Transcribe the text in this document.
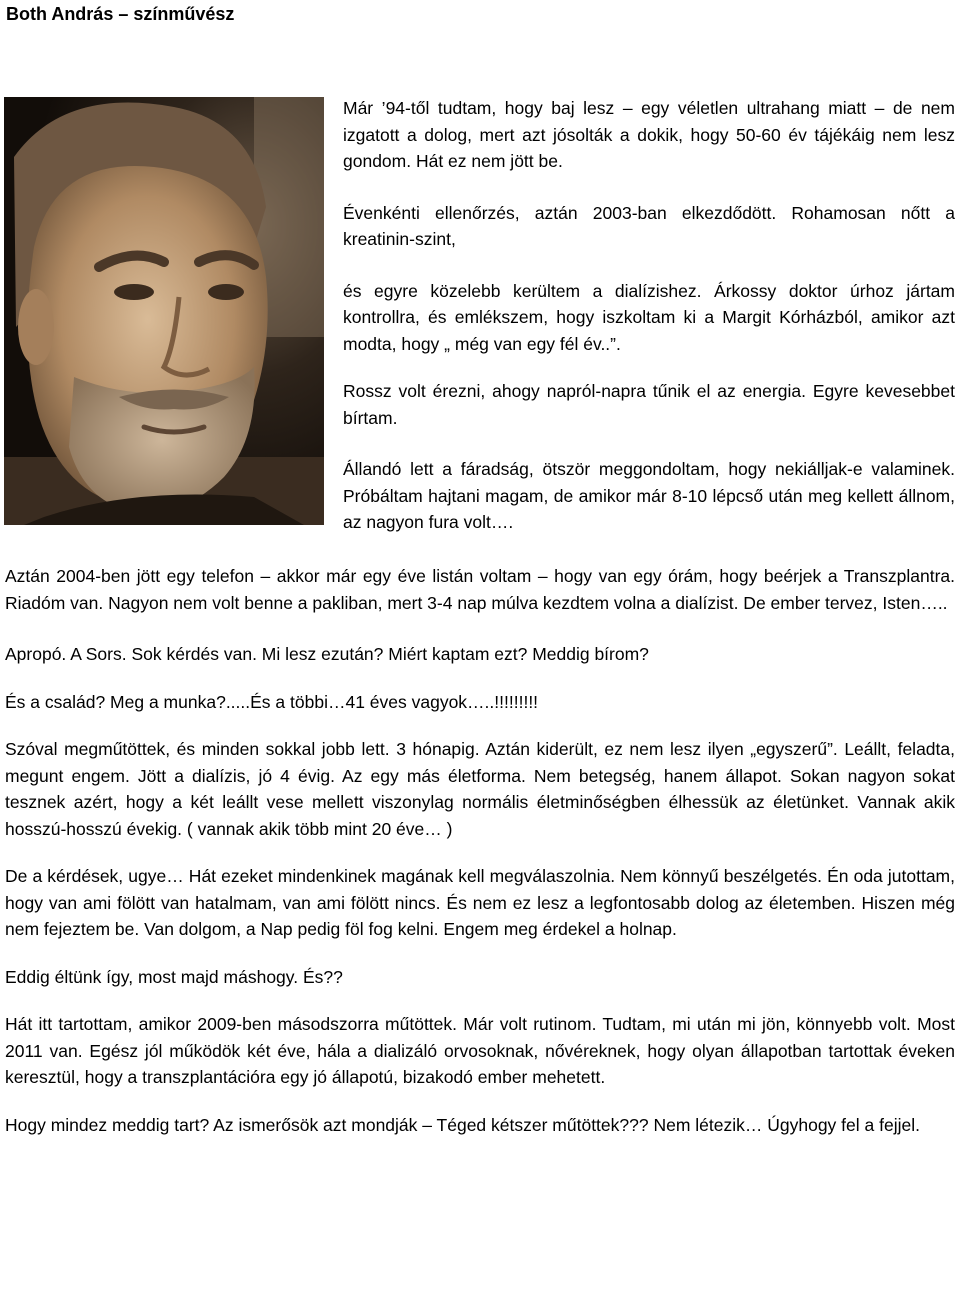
Both András – színművész

Már ’94-től tudtam, hogy baj lesz – egy véletlen ultrahang miatt – de nem izgatott a dolog, mert azt jósolták a dokik, hogy 50-60 év tájékáig nem lesz gondom. Hát ez nem jött be.

Évenkénti ellenőrzés, aztán 2003-ban elkezdődött. Rohamosan nőtt a kreatinin-szint,

és egyre közelebb kerültem a dialízishez. Árkossy doktor úrhoz jártam kontrollra, és emlékszem, hogy iszkoltam ki a Margit Kórházból, amikor azt modta, hogy „ még van egy fél év..”.

Rossz volt érezni, ahogy napról-napra tűnik el az energia. Egyre kevesebbet bírtam.

Állandó lett a fáradság, ötször meggondoltam, hogy nekiálljak-e valaminek. Próbáltam hajtani magam, de amikor már 8-10 lépcső után meg kellett állnom, az nagyon fura volt….

Aztán 2004-ben jött egy telefon – akkor már egy éve listán voltam – hogy van egy órám, hogy beérjek a Transzplantra. Riadóm van. Nagyon nem volt benne a pakliban, mert 3-4 nap múlva kezdtem volna a dialízist. De ember tervez, Isten…..

Apropó. A Sors. Sok kérdés van. Mi lesz ezután? Miért kaptam ezt? Meddig bírom?

És a család? Meg a munka?.....És a többi…41 éves vagyok…..!!!!!!!!!

Szóval megműtöttek, és minden sokkal jobb lett. 3 hónapig. Aztán kiderült, ez nem lesz ilyen „egyszerű”. Leállt, feladta, megunt engem. Jött a dialízis, jó 4 évig. Az egy más életforma. Nem betegség, hanem állapot. Sokan nagyon sokat tesznek azért, hogy a két leállt vese mellett viszonylag normális életminőségben élhessük az életünket. Vannak akik hosszú-hosszú évekig. ( vannak akik több mint 20 éve… )

De a kérdések, ugye… Hát ezeket mindenkinek magának kell megválaszolnia. Nem könnyű beszélgetés. Én oda jutottam, hogy van ami fölött van hatalmam, van ami fölött nincs. És nem ez lesz a legfontosabb dolog az életemben. Hiszen még nem fejeztem be. Van dolgom, a Nap pedig föl fog kelni. Engem meg érdekel a holnap.

Eddig éltünk így, most majd máshogy. És??

Hát itt tartottam, amikor 2009-ben másodszorra műtöttek. Már volt rutinom. Tudtam, mi után mi jön, könnyebb volt. Most 2011 van. Egész jól működök két éve, hála a dializáló orvosoknak, nővéreknek, hogy olyan állapotban tartottak éveken keresztül, hogy a transzplantációra egy jó állapotú, bizakodó ember mehetett.

Hogy mindez meddig tart? Az ismerősök azt mondják – Téged kétszer műtöttek??? Nem létezik… Úgyhogy fel a fejjel.
